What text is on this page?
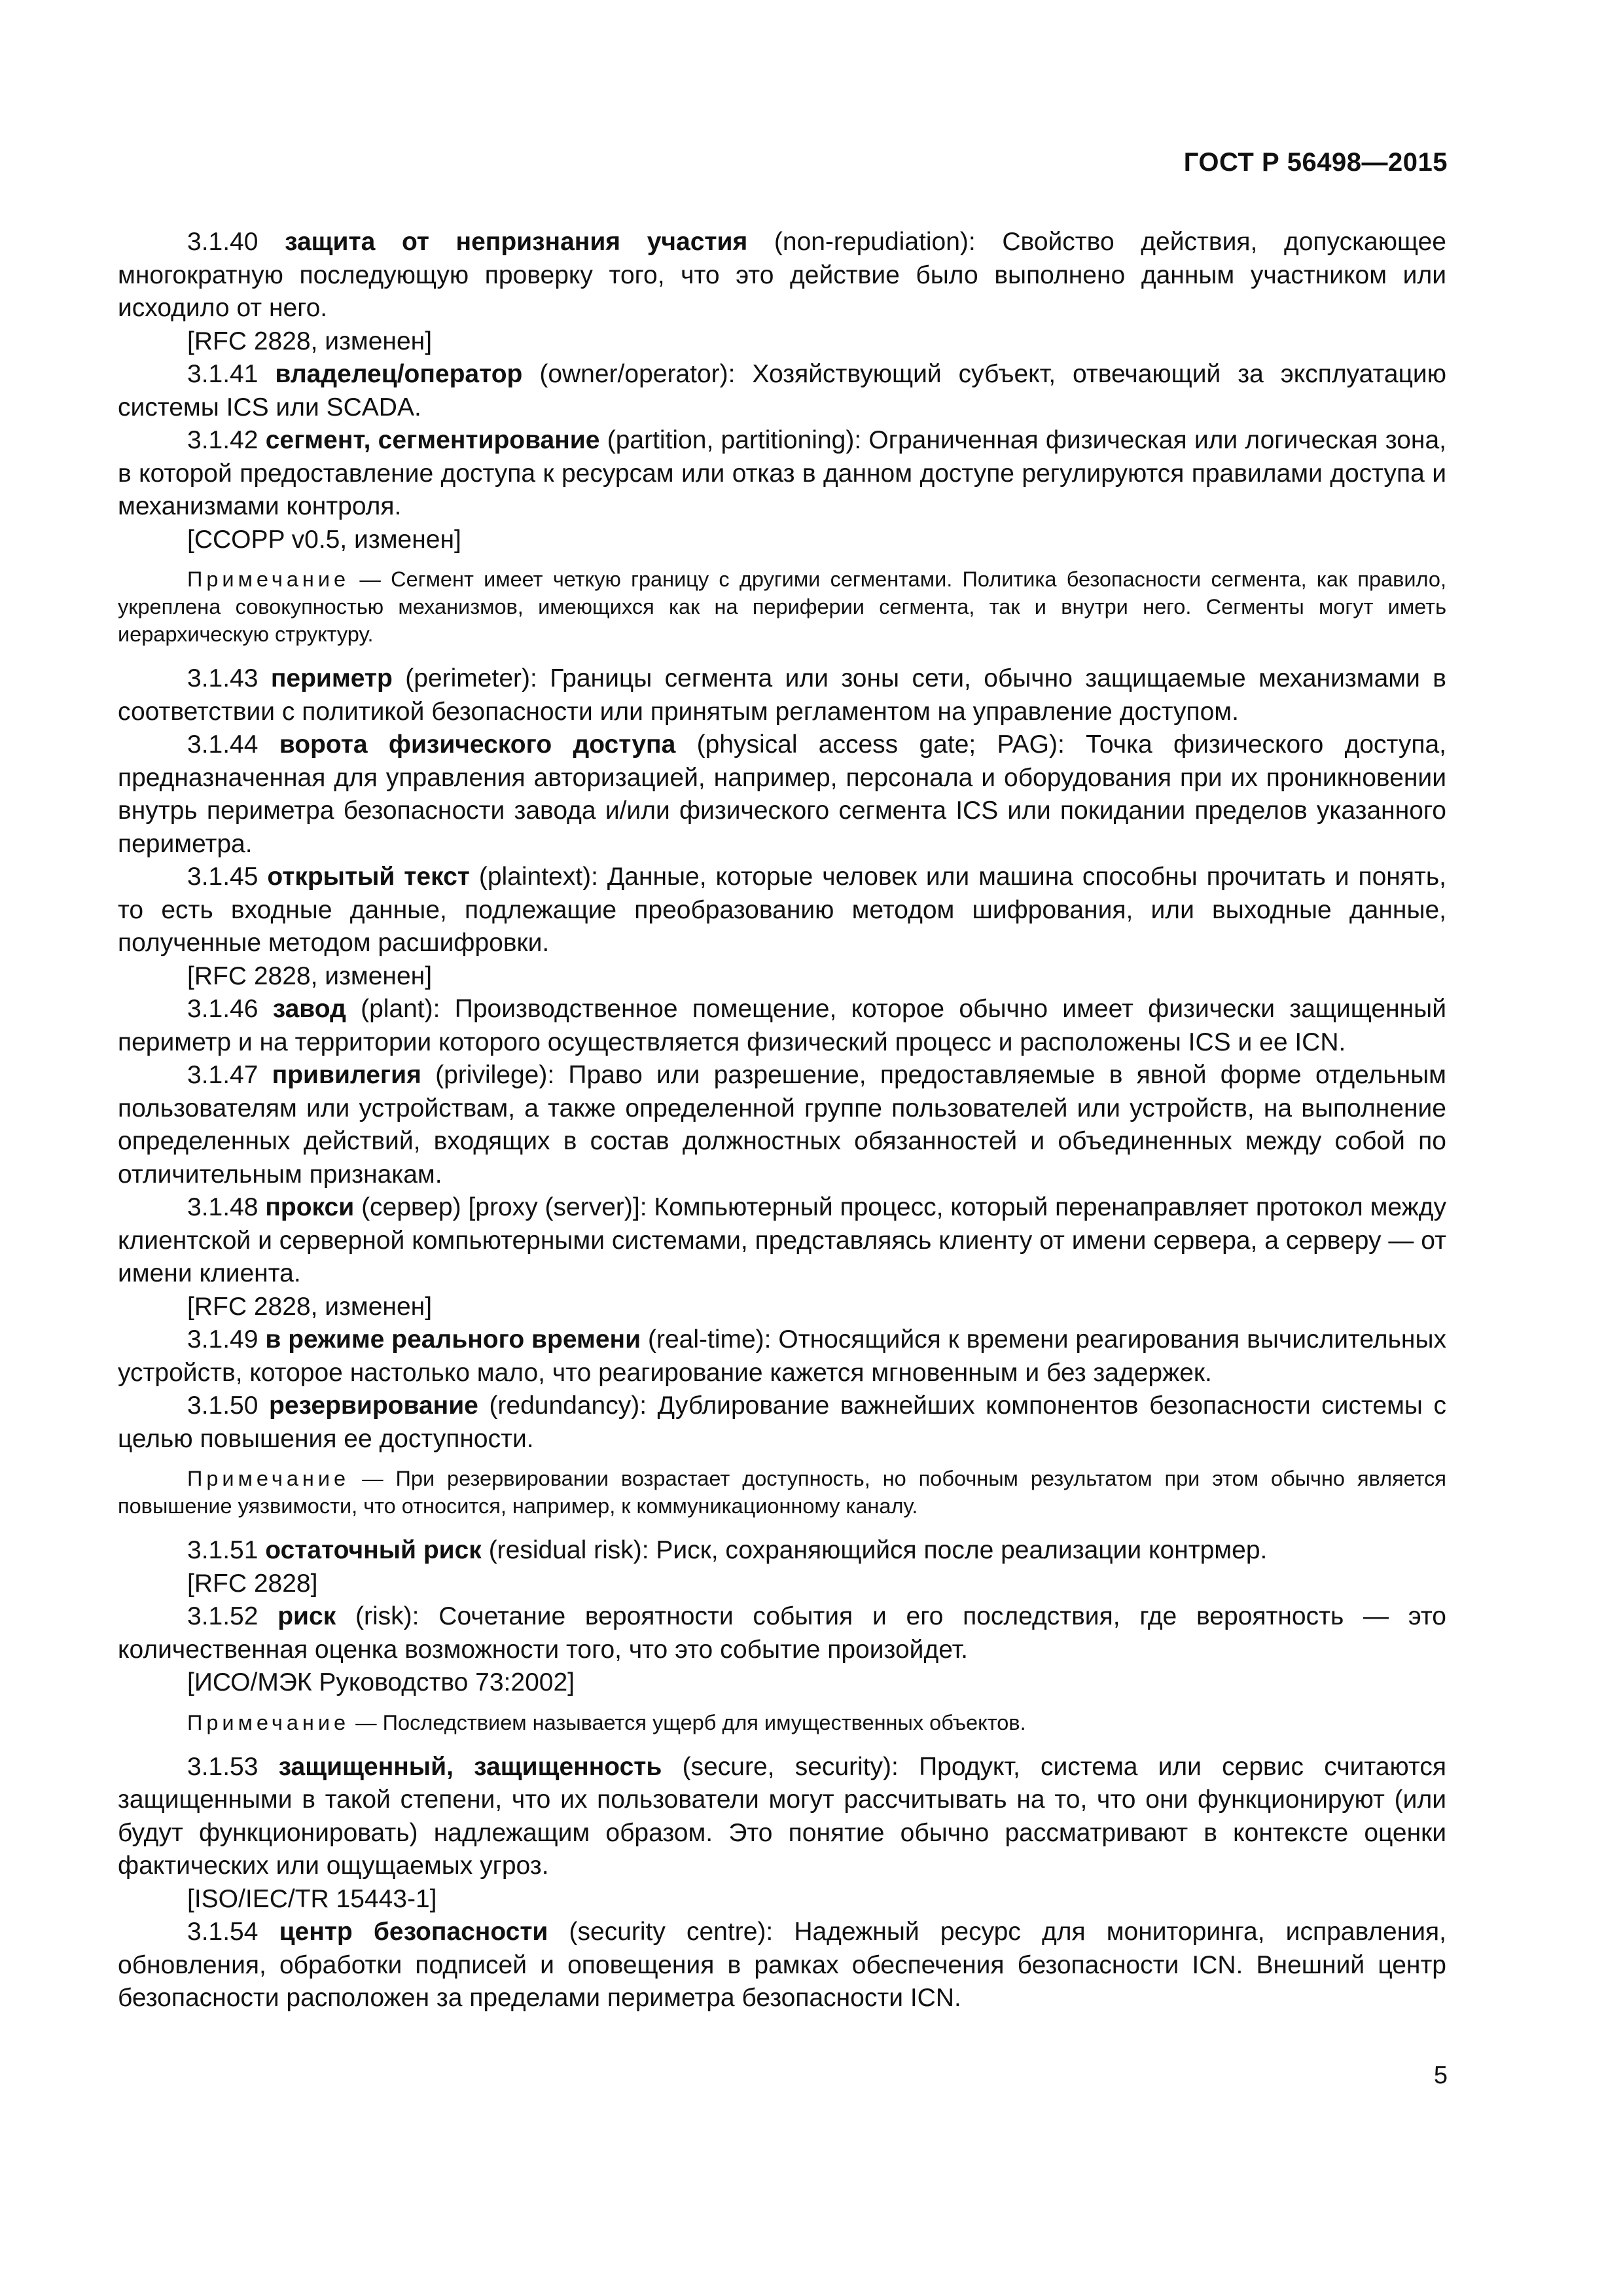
ГОСТ Р 56498—2015

3.1.40 защита от непризнания участия (non-repudiation): Свойство действия, допускающее многократную последующую проверку того, что это действие было выполнено данным участником или исходило от него.

[RFC 2828, изменен]

3.1.41 владелец/оператор (owner/operator): Хозяйствующий субъект, отвечающий за эксплуатацию системы ICS или SCADA.

3.1.42 сегмент, сегментирование (partition, partitioning): Ограниченная физическая или логическая зона, в которой предоставление доступа к ресурсам или отказ в данном доступе регулируются правилами доступа и механизмами контроля.

[CCOPP v0.5, изменен]

Примечание — Сегмент имеет четкую границу с другими сегментами. Политика безопасности сегмента, как правило, укреплена совокупностью механизмов, имеющихся как на периферии сегмента, так и внутри него. Сегменты могут иметь иерархическую структуру.

3.1.43 периметр (perimeter): Границы сегмента или зоны сети, обычно защищаемые механизмами в соответствии с политикой безопасности или принятым регламентом на управление доступом.

3.1.44 ворота физического доступа (physical access gate; PAG): Точка физического доступа, предназначенная для управления авторизацией, например, персонала и оборудования при их проникновении внутрь периметра безопасности завода и/или физического сегмента ICS или покидании пределов указанного периметра.

3.1.45 открытый текст (plaintext): Данные, которые человек или машина способны прочитать и понять, то есть входные данные, подлежащие преобразованию методом шифрования, или выходные данные, полученные методом расшифровки.

[RFC 2828, изменен]

3.1.46 завод (plant): Производственное помещение, которое обычно имеет физически защищенный периметр и на территории которого осуществляется физический процесс и расположены ICS и ее ICN.

3.1.47 привилегия (privilege): Право или разрешение, предоставляемые в явной форме отдельным пользователям или устройствам, а также определенной группе пользователей или устройств, на выполнение определенных действий, входящих в состав должностных обязанностей и объединенных между собой по отличительным признакам.

3.1.48 прокси (сервер) [proxy (server)]: Компьютерный процесс, который перенаправляет протокол между клиентской и серверной компьютерными системами, представляясь клиенту от имени сервера, а серверу — от имени клиента.

[RFC 2828, изменен]

3.1.49 в режиме реального времени (real-time): Относящийся к времени реагирования вычислительных устройств, которое настолько мало, что реагирование кажется мгновенным и без задержек.

3.1.50 резервирование (redundancy): Дублирование важнейших компонентов безопасности системы с целью повышения ее доступности.

Примечание — При резервировании возрастает доступность, но побочным результатом при этом обычно является повышение уязвимости, что относится, например, к коммуникационному каналу.

3.1.51 остаточный риск (residual risk): Риск, сохраняющийся после реализации контрмер.

[RFC 2828]

3.1.52 риск (risk): Сочетание вероятности события и его последствия, где вероятность — это количественная оценка возможности того, что это событие произойдет.

[ИСО/МЭК Руководство 73:2002]

Примечание — Последствием называется ущерб для имущественных объектов.

3.1.53 защищенный, защищенность (secure, security): Продукт, система или сервис считаются защищенными в такой степени, что их пользователи могут рассчитывать на то, что они функционируют (или будут функционировать) надлежащим образом. Это понятие обычно рассматривают в контексте оценки фактических или ощущаемых угроз.

[ISO/IEC/TR 15443-1]

3.1.54 центр безопасности (security centre): Надежный ресурс для мониторинга, исправления, обновления, обработки подписей и оповещения в рамках обеспечения безопасности ICN. Внешний центр безопасности расположен за пределами периметра безопасности ICN.

5
